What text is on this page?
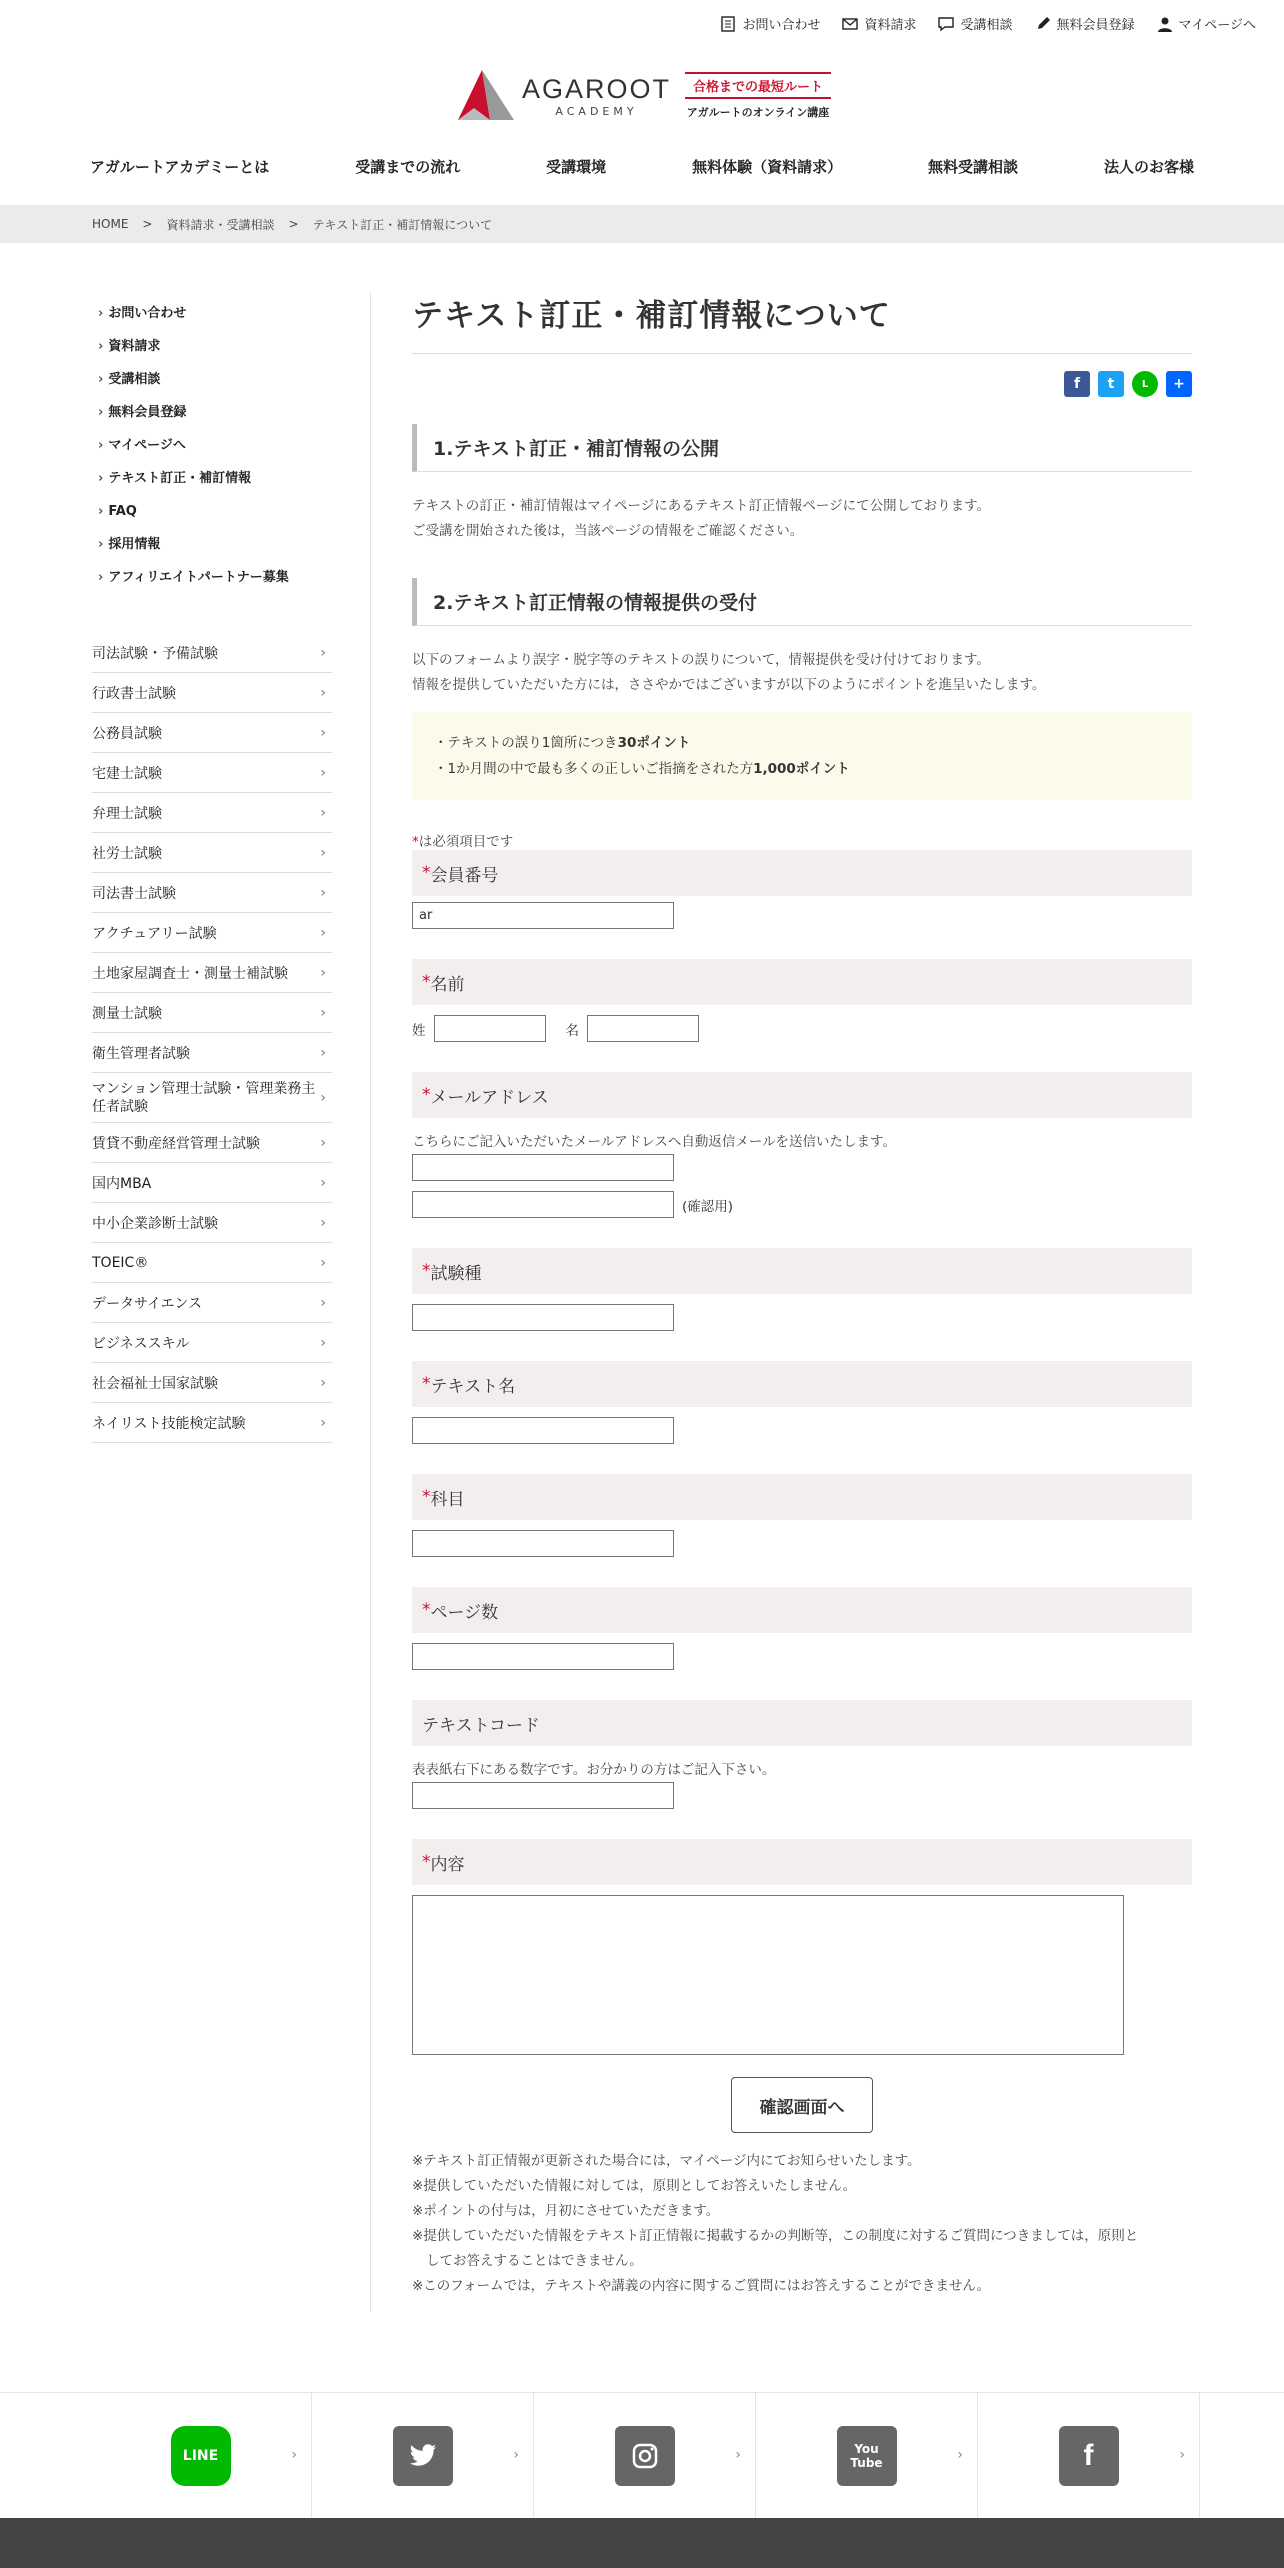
お問い合わせ	資料請求	受講相談	無料会員登録	マイページへ
AGAROOT
ACADEMY
合格までの最短ルート
アガルートのオンライン講座
アガルートアカデミーとは	受講までの流れ	受講環境	無料体験（資料請求）	無料受講相談	法人のお客様
HOME > 資料請求・受講相談 > テキスト訂正・補訂情報について
› お問い合わせ
› 資料請求
› 受講相談
› 無料会員登録
› マイページへ
› テキスト訂正・補訂情報
› FAQ
› 採用情報
› アフィリエイトパートナー募集
司法試験・予備試験	›
行政書士試験	›
公務員試験	›
宅建士試験	›
弁理士試験	›
社労士試験	›
司法書士試験	›
アクチュアリー試験	›
土地家屋調査士・測量士補試験 ›
測量士試験	›
衛生管理者試験	›
マンション管理士試験・管理業務主任者試験
›
賃貸不動産経営管理士試験	›
国内MBA	›
中小企業診断士試験	›
TOEIC®	›
データサイエンス	›
ビジネススキル	›
社会福祉士国家試験	›
ネイリスト技能検定試験	›
テキスト訂正・補訂情報について
f	t	L	+
1.テキスト訂正・補訂情報の公開

テキストの訂正・補訂情報はマイページにあるテキスト訂正情報ページにて公開しております。

ご受講を開始された後は，当該ページの情報をご確認ください。

2.テキスト訂正情報の情報提供の受付

以下のフォームより誤字・脱字等のテキストの誤りについて，情報提供を受け付けております。

情報を提供していただいた方には，ささやかではございますが以下のようにポイントを進呈いたします。

・テキストの誤り1箇所につき30ポイント

・1か月間の中で最も多くの正しいご指摘をされた方1,000ポイント

*は必須項目です

* 会員番号
ar
* 名前
姓	名
* メールアドレス

こちらにご記入いただいたメールアドレスへ自動返信メールを送信いたします。

(確認用)
* 試験種
* テキスト名
* 科目
* ページ数
テキストコード

表表紙右下にある数字です。お分かりの方はご記入下さい。

* 内容
確認画面へ

※テキスト訂正情報が更新された場合には，マイページ内にてお知らせいたします。

※提供していただいた情報に対しては，原則としてお答えいたしません。

※ポイントの付与は，月初にさせていただきます。

※提供していただいた情報をテキスト訂正情報に掲載するかの判断等，この制度に対するご質問につきましては，原則と

してお答えすることはできません。

※このフォームでは，テキストや講義の内容に関するご質問にはお答えすることができません。

LINE	›	›	›	You Tube	›	f	›
